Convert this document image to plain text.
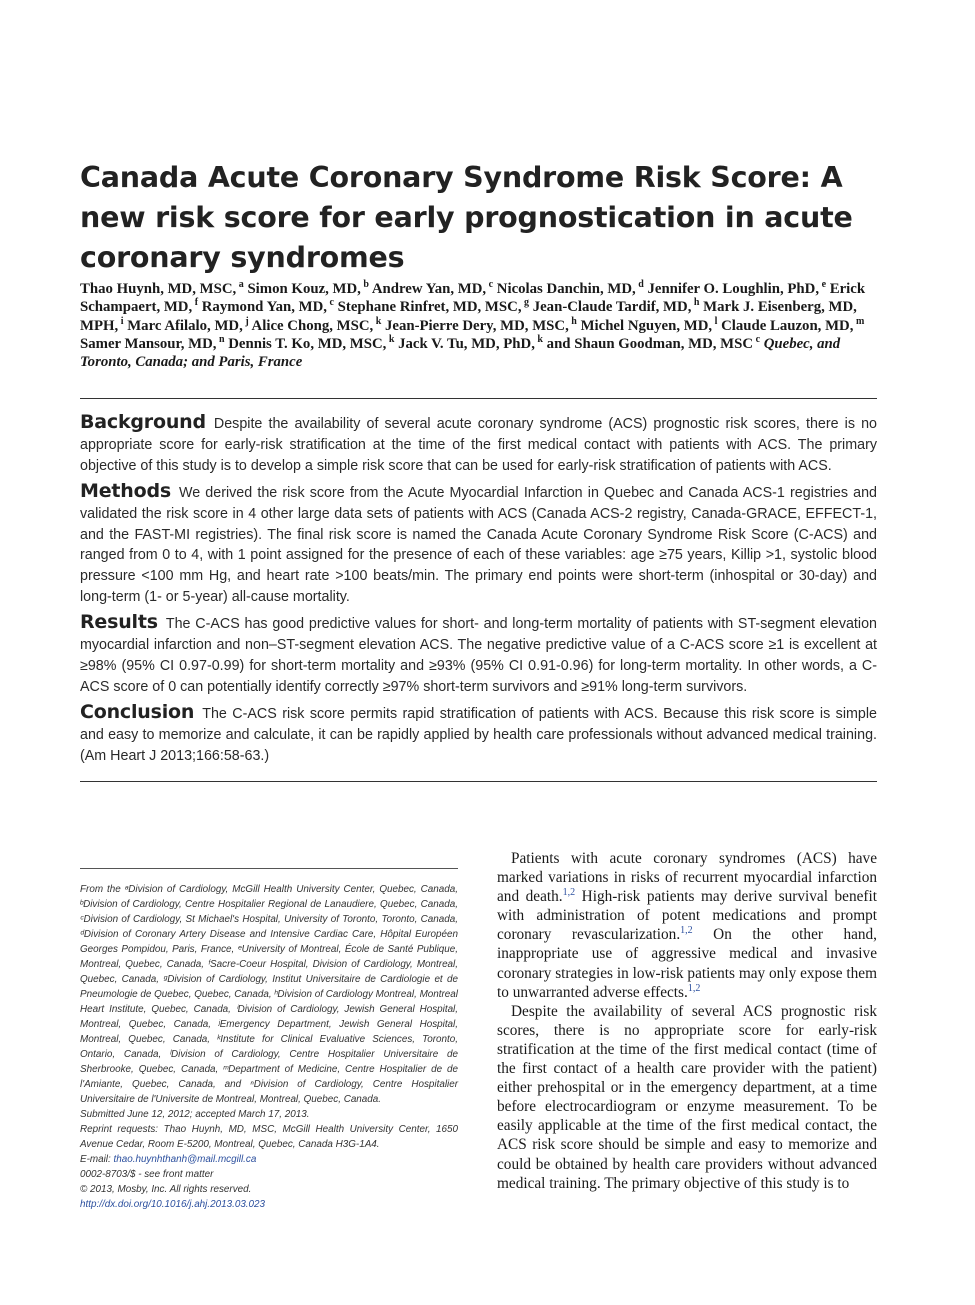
Canada Acute Coronary Syndrome Risk Score: A new risk score for early prognostication in acute coronary syndromes
Thao Huynh, MD, MSC, $^a$ Simon Kouz, MD, $^b$ Andrew Yan, MD, $^c$ Nicolas Danchin, MD, $^d$ Jennifer O. Loughlin, PhD, $^e$ Erick Schampaert, MD, $^f$ Raymond Yan, MD, $^c$ Stephane Rinfret, MD, MSC, $^g$ Jean-Claude Tardif, MD, $^h$ Mark J. Eisenberg, MD, MPH, $^i$ Marc Afilalo, MD, $^j$ Alice Chong, MSC, $^k$ Jean-Pierre Dery, MD, MSC, $^h$ Michel Nguyen, MD, $^l$ Claude Lauzon, MD, $^m$ Samer Mansour, MD, $^n$ Dennis T. Ko, MD, MSC, $^k$ Jack V. Tu, MD, PhD, $^k$ and Shaun Goodman, MD, MSC $^c$ Quebec, and Toronto, Canada; and Paris, France

Background Despite the availability of several acute coronary syndrome (ACS) prognostic risk scores, there is no appropriate score for early-risk stratification at the time of the first medical contact with patients with ACS. The primary objective of this study is to develop a simple risk score that can be used for early-risk stratification of patients with ACS.

Methods We derived the risk score from the Acute Myocardial Infarction in Quebec and Canada ACS-1 registries and validated the risk score in 4 other large data sets of patients with ACS (Canada ACS-2 registry, Canada-GRACE, EFFECT-1, and the FAST-MI registries). The final risk score is named the Canada Acute Coronary Syndrome Risk Score (C-ACS) and ranged from 0 to 4, with 1 point assigned for the presence of each of these variables: age ≥75 years, Killip >1, systolic blood pressure <100 mm Hg, and heart rate >100 beats/min. The primary end points were short-term (inhospital or 30-day) and long-term (1- or 5-year) all-cause mortality.

Results The C-ACS has good predictive values for short- and long-term mortality of patients with ST-segment elevation myocardial infarction and non–ST-segment elevation ACS. The negative predictive value of a C-ACS score ≥1 is excellent at ≥98% (95% CI 0.97-0.99) for short-term mortality and ≥93% (95% CI 0.91-0.96) for long-term mortality. In other words, a C-ACS score of 0 can potentially identify correctly ≥97% short-term survivors and ≥91% long-term survivors.

Conclusion The C-ACS risk score permits rapid stratification of patients with ACS. Because this risk score is simple and easy to memorize and calculate, it can be rapidly applied by health care professionals without advanced medical training. (Am Heart J 2013;166:58-63.)

From the ᵃDivision of Cardiology, McGill Health University Center, Quebec, Canada, ᵇDivision of Cardiology, Centre Hospitalier Regional de Lanaudiere, Quebec, Canada, ᶜDivision of Cardiology, St Michael's Hospital, University of Toronto, Toronto, Canada, ᵈDivision of Coronary Artery Disease and Intensive Cardiac Care, Hôpital Européen Georges Pompidou, Paris, France, ᵉUniversity of Montreal, École de Santé Publique, Montreal, Quebec, Canada, ᶠSacre-Coeur Hospital, Division of Cardiology, Montreal, Quebec, Canada, ᵍDivision of Cardiology, Institut Universitaire de Cardiologie et de Pneumologie de Quebec, Quebec, Canada, ʰDivision of Cardiology Montreal, Montreal Heart Institute, Quebec, Canada, ⁱDivision of Cardiology, Jewish General Hospital, Montreal, Quebec, Canada, ʲEmergency Department, Jewish General Hospital, Montreal, Quebec, Canada, ᵏInstitute for Clinical Evaluative Sciences, Toronto, Ontario, Canada, ˡDivision of Cardiology, Centre Hospitalier Universitaire de Sherbrooke, Quebec, Canada, ᵐDepartment of Medicine, Centre Hospitalier de de l'Amiante, Quebec, Canada, and ⁿDivision of Cardiology, Centre Hospitalier Universitaire de l'Universite de Montreal, Montreal, Quebec, Canada.

Submitted June 12, 2012; accepted March 17, 2013.

Reprint requests: Thao Huynh, MD, MSC, McGill Health University Center, 1650 Avenue Cedar, Room E-5200, Montreal, Quebec, Canada H3G-1A4.

E-mail: thao.huynhthanh@mail.mcgill.ca

0002-8703/$ - see front matter

© 2013, Mosby, Inc. All rights reserved.

http://dx.doi.org/10.1016/j.ahj.2013.03.023

Patients with acute coronary syndromes (ACS) have marked variations in risks of recurrent myocardial infarction and death.$^{1,2}$ High-risk patients may derive survival benefit with administration of potent medications and prompt coronary revascularization.$^{1,2}$ On the other hand, inappropriate use of aggressive medical and invasive coronary strategies in low-risk patients may only expose them to unwarranted adverse effects.$^{1,2}$

Despite the availability of several ACS prognostic risk scores, there is no appropriate score for early-risk stratification at the time of the first medical contact (time of the first contact of a health care provider with the patient) either prehospital or in the emergency department, at a time before electrocardiogram or enzyme measurement. To be easily applicable at the time of the first medical contact, the ACS risk score should be simple and easy to memorize and could be obtained by health care providers without advanced medical training. The primary objective of this study is to
